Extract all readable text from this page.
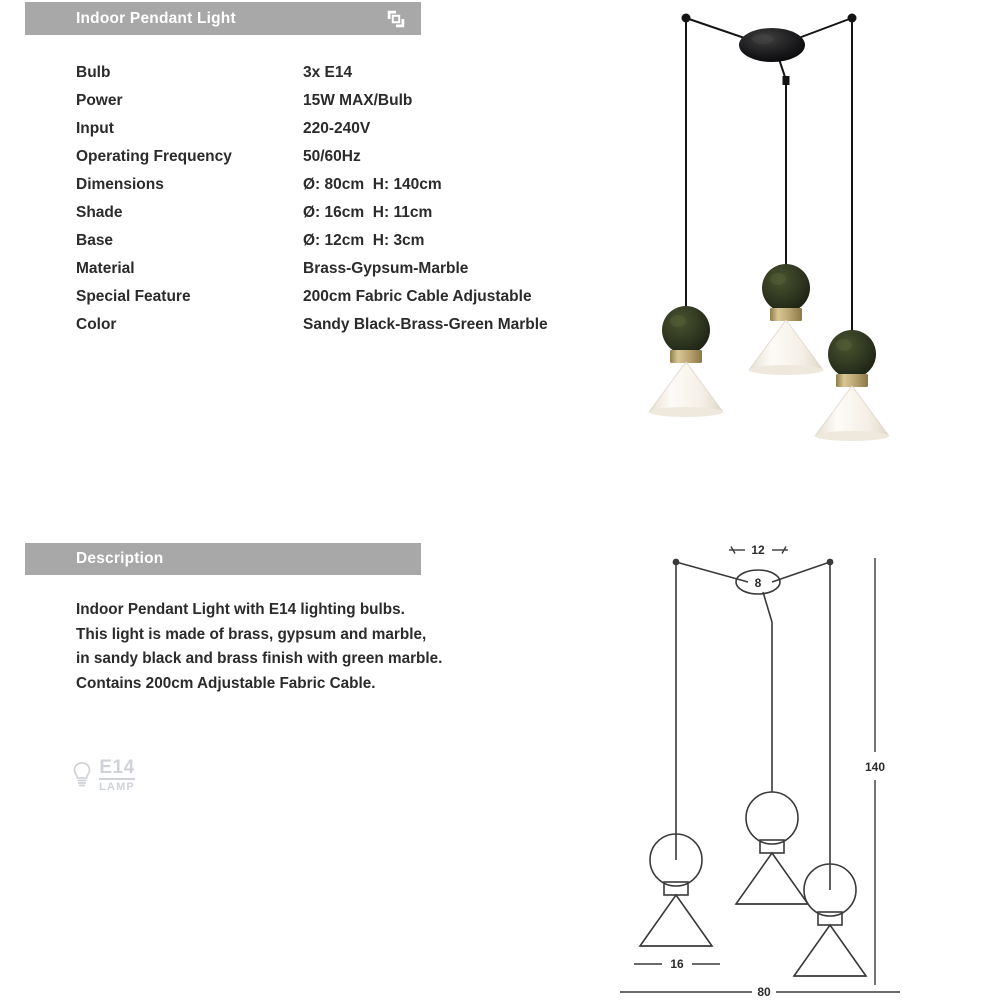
Indoor Pendant Light
Bulb	3x E14
Power	15W MAX/Bulb
Input	220-240V
Operating Frequency	50/60Hz
Dimensions	Ø: 80cm  H: 140cm
Shade	Ø: 16cm  H: 11cm
Base	Ø: 12cm  H: 3cm
Material	Brass-Gypsum-Marble
Special Feature	200cm Fabric Cable Adjustable
Color	Sandy Black-Brass-Green Marble
Description
Indoor Pendant Light with E14 lighting bulbs.
This light is made of brass, gypsum and marble,
in sandy black and brass finish with green marble.
Contains 200cm Adjustable Fabric Cable.
E14
LAMP
8
12
16
80
140
